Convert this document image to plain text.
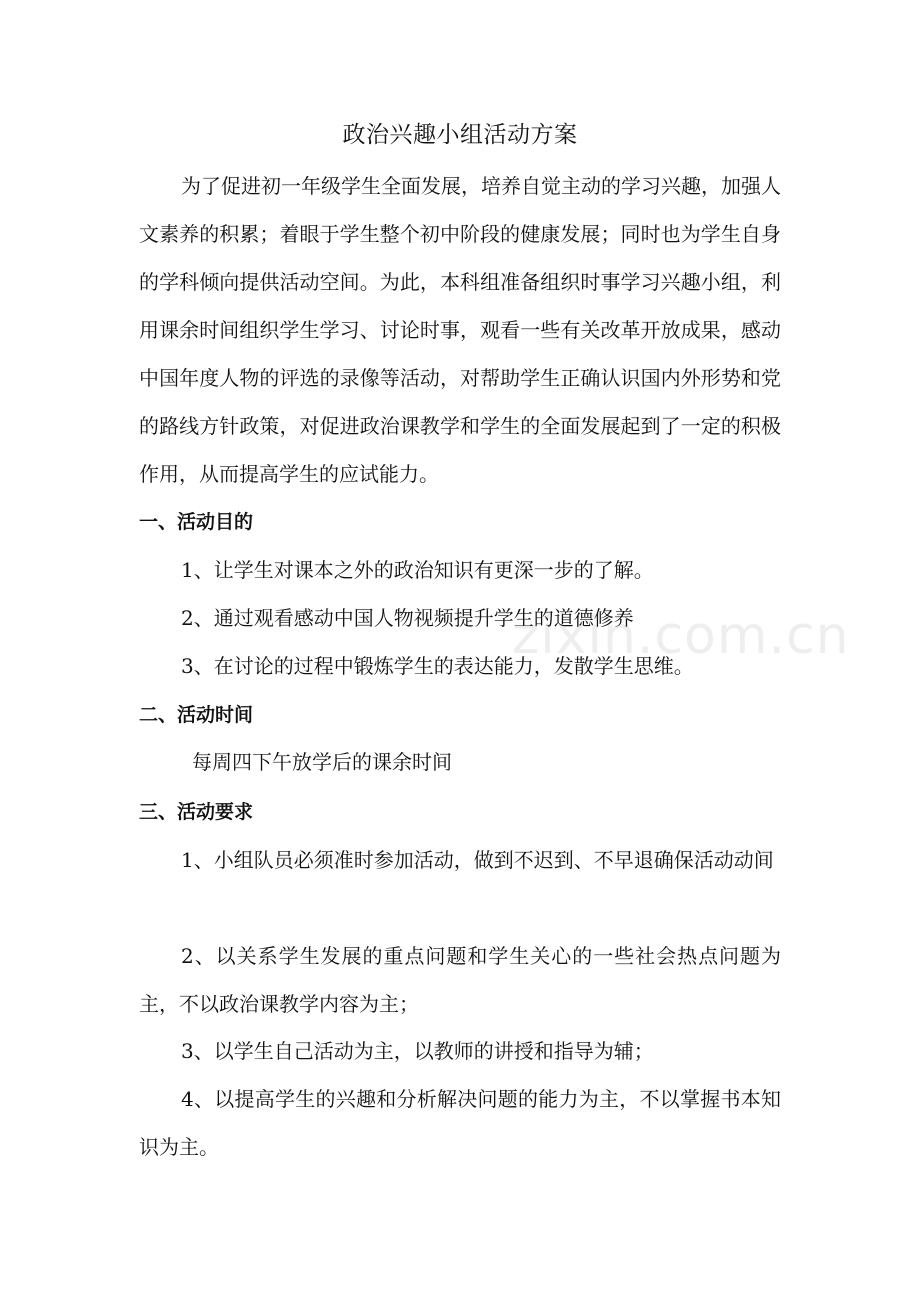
政治兴趣小组活动方案
为了促进初一年级学生全面发展，培养自觉主动的学习兴趣，加强人文素养的积累；着眼于学生整个初中阶段的健康发展；同时也为学生自身的学科倾向提供活动空间。为此，本科组准备组织时事学习兴趣小组，利用课余时间组织学生学习、讨论时事，观看一些有关改革开放成果，感动中国年度人物的评选的录像等活动，对帮助学生正确认识国内外形势和党的路线方针政策，对促进政治课教学和学生的全面发展起到了一定的积极作用，从而提高学生的应试能力。
一、活动目的
1、让学生对课本之外的政治知识有更深一步的了解。
2、通过观看感动中国人物视频提升学生的道德修养
3、在讨论的过程中锻炼学生的表达能力，发散学生思维。
二、活动时间
每周四下午放学后的课余时间
三、活动要求
1、小组队员必须准时参加活动，做到不迟到、不早退确保活动动间
2、以关系学生发展的重点问题和学生关心的一些社会热点问题为主，不以政治课教学内容为主；
3、以学生自己活动为主，以教师的讲授和指导为辅；
4、以提高学生的兴趣和分析解决问题的能力为主，不以掌握书本知识为主。
zixin.com.cn
